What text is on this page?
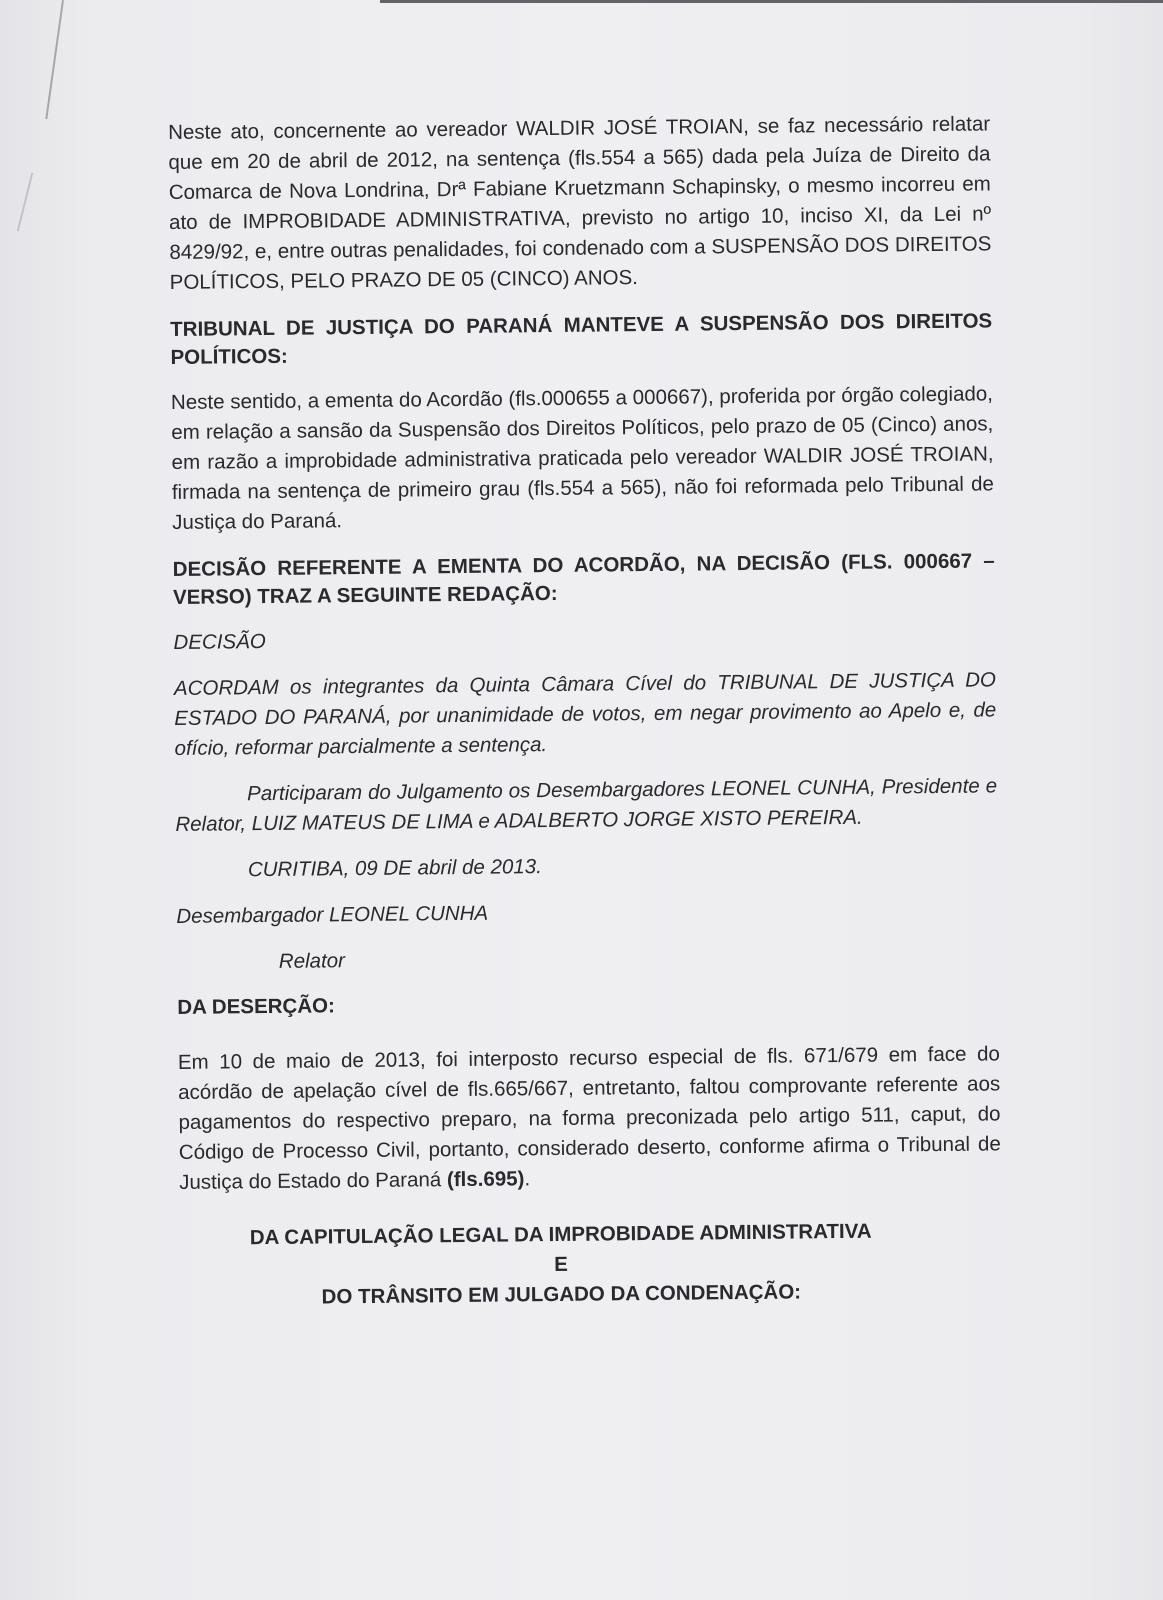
Neste ato, concernente ao vereador WALDIR JOSÉ TROIAN, se faz necessário relatar que em 20 de abril de 2012, na sentença (fls.554 a 565) dada pela Juíza de Direito da Comarca de Nova Londrina, Drª Fabiane Kruetzmann Schapinsky, o mesmo incorreu em ato de IMPROBIDADE ADMINISTRATIVA, previsto no artigo 10, inciso XI, da Lei nº 8429/92, e, entre outras penalidades, foi condenado com a SUSPENSÃO DOS DIREITOS POLÍTICOS, PELO PRAZO DE 05 (CINCO) ANOS.

TRIBUNAL DE JUSTIÇA DO PARANÁ MANTEVE A SUSPENSÃO DOS DIREITOS POLÍTICOS:

Neste sentido, a ementa do Acordão (fls.000655 a 000667), proferida por órgão colegiado, em relação a sansão da Suspensão dos Direitos Políticos, pelo prazo de 05 (Cinco) anos, em razão a improbidade administrativa praticada pelo vereador WALDIR JOSÉ TROIAN, firmada na sentença de primeiro grau (fls.554 a 565), não foi reformada pelo Tribunal de Justiça do Paraná.

DECISÃO REFERENTE A EMENTA DO ACORDÃO, NA DECISÃO (FLS. 000667 – VERSO) TRAZ A SEGUINTE REDAÇÃO:

DECISÃO

ACORDAM os integrantes da Quinta Câmara Cível do TRIBUNAL DE JUSTIÇA DO ESTADO DO PARANÁ, por unanimidade de votos, em negar provimento ao Apelo e, de ofício, reformar parcialmente a sentença.

Participaram do Julgamento os Desembargadores LEONEL CUNHA, Presidente e Relator, LUIZ MATEUS DE LIMA e ADALBERTO JORGE XISTO PEREIRA.

CURITIBA, 09 DE abril de 2013.

Desembargador LEONEL CUNHA

Relator

DA DESERÇÃO:

Em 10 de maio de 2013, foi interposto recurso especial de fls. 671/679 em face do acórdão de apelação cível de fls.665/667, entretanto, faltou comprovante referente aos pagamentos do respectivo preparo, na forma preconizada pelo artigo 511, caput, do Código de Processo Civil, portanto, considerado deserto, conforme afirma o Tribunal de Justiça do Estado do Paraná (fls.695).

DA CAPITULAÇÃO LEGAL DA IMPROBIDADE ADMINISTRATIVA

E

DO TRÂNSITO EM JULGADO DA CONDENAÇÃO:
